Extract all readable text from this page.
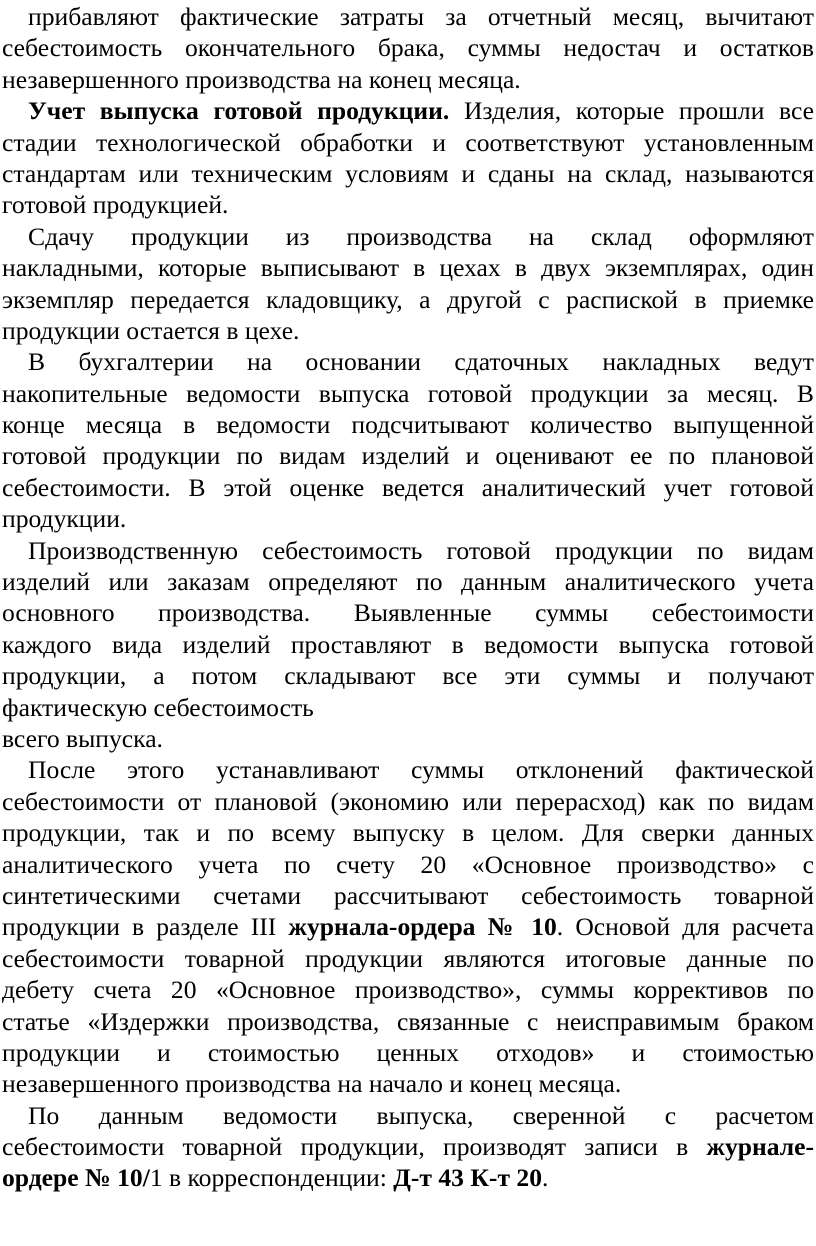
прибавляют фактические затраты за отчетный месяц, вычитают
себестоимость окончательного брака, суммы недостач и остатков
незавершенного производства на конец месяца.
Учет выпуска готовой продукции. Изделия, которые прошли все
стадии технологической обработки и соответствуют установленным
стандартам или техническим условиям и сданы на склад, называются
готовой продукцией.
Сдачу продукции из производства на склад оформляют
накладными, которые выписывают в цехах в двух экземплярах, один
экземпляр передается кладовщику, а другой с распиской в приемке
продукции остается в цехе.
В бухгалтерии на основании сдаточных накладных ведут
накопительные ведомости выпуска готовой продукции за месяц. В
конце месяца в ведомости подсчитывают количество выпущенной
готовой продукции по видам изделий и оценивают ее по плановой
себестоимости. В этой оценке ведется аналитический учет готовой
продукции.
Производственную себестоимость готовой продукции по видам
изделий или заказам определяют по данным аналитического учета
основного производства. Выявленные суммы себестоимости
каждого вида изделий проставляют в ведомости выпуска готовой
продукции, а потом складывают все эти суммы и получают
фактическую себестоимость
всего выпуска.
После этого устанавливают суммы отклонений фактической
себестоимости от плановой (экономию или перерасход) как по видам
продукции, так и по всему выпуску в целом. Для сверки данных
аналитического учета по счету 20 «Основное производство» с
синтетическими счетами рассчитывают себестоимость товарной
продукции в разделе III журнала-ордера № 10. Основой для расчета
себестоимости товарной продукции являются итоговые данные по
дебету счета 20 «Основное производство», суммы коррективов по
статье «Издержки производства, связанные с неисправимым браком
продукции и стоимостью ценных отходов» и стоимостью
незавершенного производства на начало и конец месяца.
По данным ведомости выпуска, сверенной с расчетом
себестоимости товарной продукции, производят записи в журнале-
ордере № 10/1 в корреспонденции: Д-т 43 К-т 20.
